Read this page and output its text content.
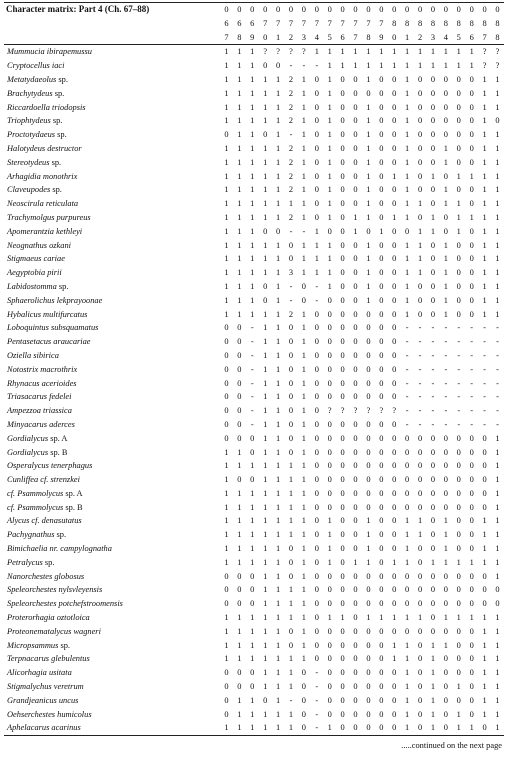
Character matrix: Part 4 (Ch. 67–88)	0	0	0	0	0	0	0	0	0	0	0	0	0	0	0	0	0	0	0	0	0	0
	6	6	6	7	7	7	7	7	7	7	7	7	7	8	8	8	8	8	8	8	8	8
	7	8	9	0	1	2	3	4	5	6	7	8	9	0	1	2	3	4	5	6	7	8
Mummucia ibirapemussu	1	1	1	?	?	?	?	1	1	1	1	1	1	1	1	1	1	1	1	1	?	?
Cryptocellus iaci	1	1	1	0	0	-	-	-	1	1	1	1	1	1	1	1	1	1	1	1	?	?
Metatydaeolus sp.	1	1	1	1	1	2	1	0	1	0	0	1	0	0	1	0	0	0	0	0	1	1
Brachytydeus sp.	1	1	1	1	1	2	1	0	1	0	0	0	0	0	1	0	0	0	0	0	1	1
Riccardoella triodopsis	1	1	1	1	1	2	1	0	1	0	0	1	0	0	1	0	0	0	0	0	1	1
Triophtydeus sp.	1	1	1	1	1	2	1	0	1	0	0	1	0	0	1	0	0	0	0	0	1	0
Proctotydaeus sp.	0	1	1	0	1	-	1	0	1	0	0	1	0	0	1	0	0	0	0	0	1	1
Halotydeus destructor	1	1	1	1	1	2	1	0	1	0	0	1	0	0	1	0	0	1	0	0	1	1
Stereotydeus sp.	1	1	1	1	1	2	1	0	1	0	0	1	0	0	1	0	0	1	0	0	1	1
Arhagidia monothrix	1	1	1	1	1	2	1	0	1	0	0	1	0	1	1	0	1	0	1	1	1	1
Claveupodes sp.	1	1	1	1	1	2	1	0	1	0	0	1	0	0	1	0	0	1	0	0	1	1
Neoscirula reticulata	1	1	1	1	1	1	1	0	1	0	0	1	0	0	1	1	0	1	1	0	1	1
Trachymolgus purpureus	1	1	1	1	1	2	1	0	1	0	1	1	0	1	1	0	1	0	1	1	1	1
Apomerantzia kethleyi	1	1	1	0	0	-	-	1	0	0	1	0	1	0	0	1	1	0	1	0	1	1
Neognathus ozkani	1	1	1	1	1	0	1	1	1	0	0	1	0	0	1	1	0	1	0	0	1	1
Stigmaeus cariae	1	1	1	1	1	0	1	1	1	0	0	1	0	0	1	1	0	1	0	0	1	1
Aegyptobia pirii	1	1	1	1	1	3	1	1	1	0	0	1	0	0	1	1	0	1	0	0	1	1
Labidostomma sp.	1	1	1	0	1	-	0	-	1	0	0	1	0	0	1	0	0	1	0	0	1	1
Sphaerolichus lekprayoonae	1	1	1	0	1	-	0	-	0	0	0	1	0	0	1	0	0	1	0	0	1	1
Hybalicus multifurcatus	1	1	1	1	1	2	1	0	0	0	0	0	0	0	1	0	0	1	0	0	1	1
Loboquintus subsquamatus	0	0	-	1	1	0	1	0	0	0	0	0	0	0	-	-	-	-	-	-	-	-
Pentasetacus araucariae	0	0	-	1	1	0	1	0	0	0	0	0	0	0	-	-	-	-	-	-	-	-
Oziella sibirica	0	0	-	1	1	0	1	0	0	0	0	0	0	0	-	-	-	-	-	-	-	-
Notostrix macrothrix	0	0	-	1	1	0	1	0	0	0	0	0	0	0	-	-	-	-	-	-	-	-
Rhynacus acerioides	0	0	-	1	1	0	1	0	0	0	0	0	0	0	-	-	-	-	-	-	-	-
Triasacarus fedelei	0	0	-	1	1	0	1	0	0	0	0	0	0	0	-	-	-	-	-	-	-	-
Ampezzoa triassica	0	0	-	1	1	0	1	0	?	?	?	?	?	?	-	-	-	-	-	-	-	-
Minyacarus aderces	0	0	-	1	1	0	1	0	0	0	0	0	0	0	-	-	-	-	-	-	-	-
Gordialycus sp. A	0	0	0	1	1	0	1	0	0	0	0	0	0	0	0	0	0	0	0	0	0	1
Gordialycus sp. B	1	1	0	1	1	0	1	0	0	0	0	0	0	0	0	0	0	0	0	0	0	1
Osperalycus tenerphagus	1	1	1	1	1	1	1	0	0	0	0	0	0	0	0	0	0	0	0	0	0	1
Cunliffea cf. strenzkei	1	0	0	1	1	1	1	0	0	0	0	0	0	0	0	0	0	0	0	0	0	1
cf. Psammolycus sp. A	1	1	1	1	1	1	1	0	0	0	0	0	0	0	0	0	0	0	0	0	0	1
cf. Psammolycus sp. B	1	1	1	1	1	1	1	0	0	0	0	0	0	0	0	0	0	0	0	0	0	1
Alycus cf. denasutatus	1	1	1	1	1	1	1	0	1	0	0	1	0	0	1	1	0	1	0	0	1	1
Pachygnathus sp.	1	1	1	1	1	1	1	0	1	0	0	1	0	0	1	1	0	1	0	0	1	1
Bimichaelia nr. campylognatha	1	1	1	1	1	0	1	0	1	0	0	1	0	0	1	0	0	1	0	0	1	1
Petralycus sp.	1	1	1	1	1	0	1	0	1	0	1	1	0	1	1	0	1	1	1	1	1	1
Nanorchestes globosus	0	0	0	1	1	0	1	0	0	0	0	0	0	0	0	0	0	0	0	0	0	1
Speleorchestes nylsvleyensis	0	0	0	1	1	1	1	0	0	0	0	0	0	0	0	0	0	0	0	0	0	0
Speleorchestes potchefstroomensis	0	0	0	1	1	1	1	0	0	0	0	0	0	0	0	0	0	0	0	0	0	0
Proterorhagia oztotloica	1	1	1	1	1	1	1	0	1	1	0	1	1	1	1	1	0	1	1	1	1	1
Proteonematalycus wagneri	1	1	1	1	1	0	1	0	0	0	0	0	0	0	0	0	0	0	0	0	1	1
Micropsammus sp.	1	1	1	1	1	0	1	0	0	0	0	0	0	1	1	0	1	1	0	0	1	1
Terpnacarus glebulentus	1	1	1	1	1	1	1	0	0	0	0	0	0	1	1	0	1	0	0	0	1	1
Alicorhagia usitata	0	0	0	1	1	1	0	-	0	0	0	0	0	0	1	0	1	0	0	0	1	1
Stigmalychus veretrum	0	0	0	1	1	1	0	-	0	0	0	0	0	0	1	0	1	0	1	0	1	1
Grandjeanicus uncus	0	1	1	0	1	-	0	-	0	0	0	0	0	0	1	0	1	0	0	0	1	1
Oehserchestes humicolus	0	1	1	1	1	1	0	-	0	0	0	0	0	0	1	0	1	0	1	0	1	1
Aphelacarus acarinus	1	1	1	1	1	1	0	-	1	0	0	0	0	0	1	0	1	0	1	1	0	1
.....continued on the next page
